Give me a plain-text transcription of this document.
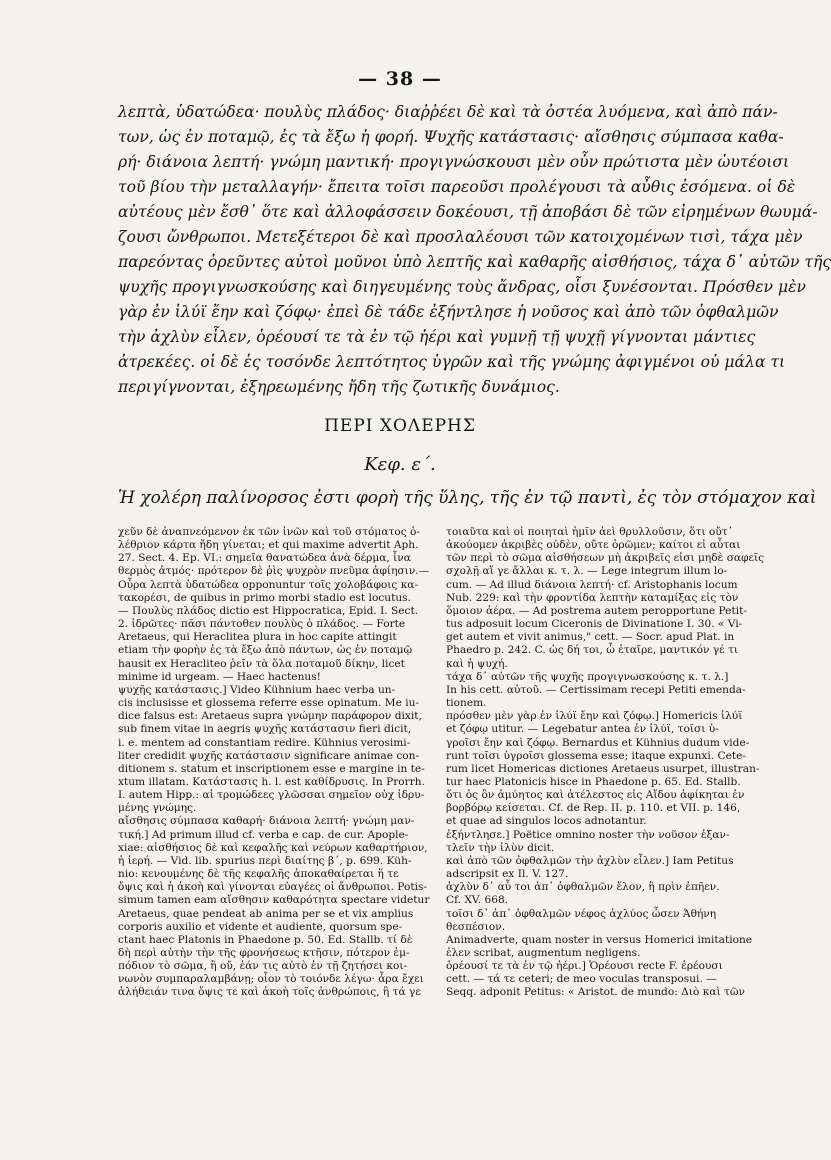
— 38 —
λεπτὰ, ὑδατώδεα· πουλὺς πλάδος· διαῤῥέει δὲ καὶ τὰ ὀστέα λυόμενα, καὶ ἀπὸ πάν-
των, ὡς ἐν ποταμῷ, ἐς τὰ ἔξω ἡ φορή. Ψυχῆς κατάστασις· αἴσθησις σύμπασα καθα-
ρή· διάνοια λεπτή· γνώμη μαντική· προγιγνώσκουσι μὲν οὖν πρώτιστα μὲν ὡυτέοισι
τοῦ βίου τὴν μεταλλαγήν· ἔπειτα τοῖσι παρεοῦσι προλέγουσι τὰ αὖθις ἐσόμενα. οἱ δὲ
αὐτέους μὲν ἔσθ᾽ ὅτε καὶ ἀλλοφάσσειν δοκέουσι, τῇ ἀποβάσι δὲ τῶν εἰρημένων θωυμά-
ζουσι ὤνθρωποι. Μετεξέτεροι δὲ καὶ προσλαλέουσι τῶν κατοιχομένων τισὶ, τάχα μὲν
παρεόντας ὁρεῦντες αὐτοὶ μοῦνοι ὑπὸ λεπτῆς καὶ καθαρῆς αἰσθήσιος, τάχα δ᾽ αὐτῶν τῆς
ψυχῆς προγιγνωσκούσης καὶ διηγευμένης τοὺς ἄνδρας, οἷσι ξυνέσονται. Πρόσθεν μὲν
γὰρ ἐν ἰλύϊ ἔην καὶ ζόφῳ· ἐπεὶ δὲ τάδε ἐξήντλησε ἡ νοῦσος καὶ ἀπὸ τῶν ὀφθαλμῶν
τὴν ἀχλὺν εἷλεν, ὁρέουσί τε τὰ ἐν τῷ ἠέρι καὶ γυμνῇ τῇ ψυχῇ γίγνονται μάντιες
ἀτρεκέες. οἱ δὲ ἐς τοσόνδε λεπτότητος ὑγρῶν καὶ τῆς γνώμης ἀφιγμένοι οὐ μάλα τι
περιγίγνονται, ἐξηρεωμένης ἤδη τῆς ζωτικῆς δυνάμιος.
ΠΕΡΙ ΧΟΛΕΡΗΣ
Κεφ. ε΄.
Ἡ χολέρη παλίνορσος ἐστι φορὴ τῆς ὕλης, τῆς ἐν τῷ παντὶ, ἐς τὸν στόμαχον καὶ
χεῦν δὲ ἀναπνεόμενον ἐκ τῶν ἰνῶν καὶ τοῦ στόματος ὁ-
λέθριον κάρτα ἤδη γίνεται; et qui maxime advertit Aph.
27. Sect. 4. Ep. VI.: σημεῖα θανατώδεα ἀνὰ δέρμα, ἶνα
θερμὸς ἀτμός· πρότερον δὲ ῥὶς ψυχρὸν πνεῦμα ἀφίησιν.—
Οὖρα λεπτὰ ὑδατώδεα opponuntur τοῖς χολοβάφοις κα-
τακορέσι, de quibus in primo morbi stadio est locutus.
— Πουλὺς πλάδος dictio est Hippocratica, Epid. I. Sect.
2. ἱδρῶτες· πᾶσι πάντοθεν πουλὺς ὁ πλάδος. — Forte
Aretaeus, qui Heraclitea plura in hoc capite attingit
etiam τὴν φορὴν ἐς τὰ ἔξω ἀπὸ πάντων, ὡς ἐν ποταμῷ
hausit ex Heraclitео ῥεῖν τὰ ὅλα ποταμοῦ δίκην, licet
minime id urgeam. — Haec hactenus!
ψυχῆς κατάστασις.] Video Kühnium haec verba un-
cis inclusisse et glossema referre esse opinatum. Me iu-
dice falsus est: Aretaeus supra γνώμην παράφορον dixit,
sub finem vitae in aegris ψυχῆς κατάστασιν fieri dicit,
i. e. mentem ad constantiam redire. Kühnius verosimi-
liter credidit ψυχῆς κατάστασιν significare animae con-
ditionem s. statum et inscriptionem esse e margine in te-
xtum illatam. Κατάστασις h. l. est καθίδρυσις. In Prorrh.
I. autem Hipp.: αἱ τρομώδεες γλῶσσαι σημεῖον οὐχ ἱδρυ-
μένης γνώμης.
αἴσθησις σύμπασα καθαρή· διάνοια λεπτή· γνώμη μαν-
τική.] Ad primum illud cf. verba e cap. de cur. Apople-
xiae: αἰσθήσιος δὲ καὶ κεφαλῆς καὶ νεύρων καθαρτήριον,
ἡ ἱερή. — Vid. lib. spurius περὶ διαίτης β΄, p. 699. Küh-
nio: κενουμένης δὲ τῆς κεφαλῆς ἀποκαθαίρεται ἥ τε
ὄψις καὶ ἡ ἀκοὴ καὶ γίνονται εὐαγέες οἱ ἄνθρωποι. Potis-
simum tamen eam αἴσθησιν καθαρότητα spectare videtur
Aretaeus, quae pendeat ab anima per se et vix amplius
corporis auxilio et vidente et audiente, quorsum spe-
ctant haec Platonis in Phaedone p. 50. Ed. Stallb. τί δὲ
δὴ περὶ αὐτὴν τὴν τῆς φρονήσεως κτῆσιν, πότερον ἐμ-
πόδιον τὸ σῶμα, ἢ οὔ, ἐάν τις αὐτὸ ἐν τῇ ζητήσει κοι-
νωνὸν συμπαραλαμβάνῃ; οἷον τὸ τοιόνδε λέγω· ἆρα ἔχει
ἀλήθειάν τινα ὄψις τε καὶ ἀκοὴ τοῖς ἀνθρώποις, ἢ τά γε
τοιαῦτα καὶ οἱ ποιηταὶ ἡμῖν ἀεὶ θρυλλοῦσιν, ὅτι οὔτ᾽
ἀκούομεν ἀκριβὲς οὐδὲν, οὔτε ὁρῶμεν; καίτοι εἰ αὗται
τῶν περὶ τὸ σῶμα αἰσθήσεων μὴ ἀκριβεῖς εἰσι μηδὲ σαφεῖς
σχολῇ αἵ γε ἄλλαι κ. τ. λ. — Lege integrum illum lo-
cum. — Ad illud διάνοια λεπτή· cf. Aristophanis locum
Nub. 229: καὶ τὴν φροντίδα λεπτὴν καταμίξας εἰς τὸν
ὅμοιον ἀέρα. — Ad postrema autem peropportune Petit-
tus adposuit locum Ciceronis de Divinatione I. 30. « Vi-
get autem et vivit animus," cett. — Socr. apud Plat. in
Phaedro p. 242. C. ὡς δή τοι, ὦ ἑταῖρε, μαντικόν γέ τι
καὶ ἡ ψυχή.
τάχα δ᾽ αὐτῶν τῆς ψυχῆς προγιγνωσκούσης κ. τ. λ.]
In his cett. αὐτοῦ. — Certissimam recepi Petiti emenda-
tionem.
πρόσθεν μὲν γὰρ ἐν ἰλύϊ ἔην καὶ ζόφῳ.] Homericis ἰλύϊ
et ζόφῳ utitur. — Legebatur antea ἐν ἰλύϊ, τοῖσι ὑ-
γροῖσι ἔην καὶ ζόφῳ. Bernardus et Kühnius dudum vide-
runt τοῖσι ὑγροῖσι glossema esse; itaque expunxi. Cete-
rum licet Homericas dictiones Aretaeus usurpet, illustran-
tur haec Platonicis hisce in Phaedone p. 65. Ed. Stallb.
ὅτι ὁς ὂν ἀμύητος καὶ ἀτέλεστος εἰς Αἴδου ἀφίκηται ἐν
βορβόρῳ κείσεται. Cf. de Rep. II. p. 110. et VII. p. 146,
et quae ad singulos locos adnotantur.
ἐξήντλησε.] Poëtice omnino noster τὴν νοῦσον ἐξαν-
τλεῖν τὴν ἰλὺν dicit.
καὶ ἀπὸ τῶν ὀφθαλμῶν τὴν ἀχλὺν εἷλεν.] Iam Petitus
adscripsit ex Il. V. 127.
ἀχλὺν δ᾽ αὖ τοι ἀπ᾽ ὀφθαλμῶν ἕλον, ἣ πρὶν ἐπῆεν.
Cf. XV. 668.
τοῖσι δ᾽ ἀπ᾽ ὀφθαλμῶν νέφος ἀχλύος ὦσεν Ἀθήνη
θεσπέσιον.
Animadverte, quam noster in versus Homerici imitatione
ἐλεν scribat, augmentum negligens.
ὁρέουσί τε τὰ ἐν τῷ ἠέρι.] Ὁρέουσι recte F. ἐρέουσι
cett. — τά τε ceteri; de meo voculas transposui. —
Seqq. adponit Petitus: « Aristot. de mundo: Διὸ καὶ τῶν
